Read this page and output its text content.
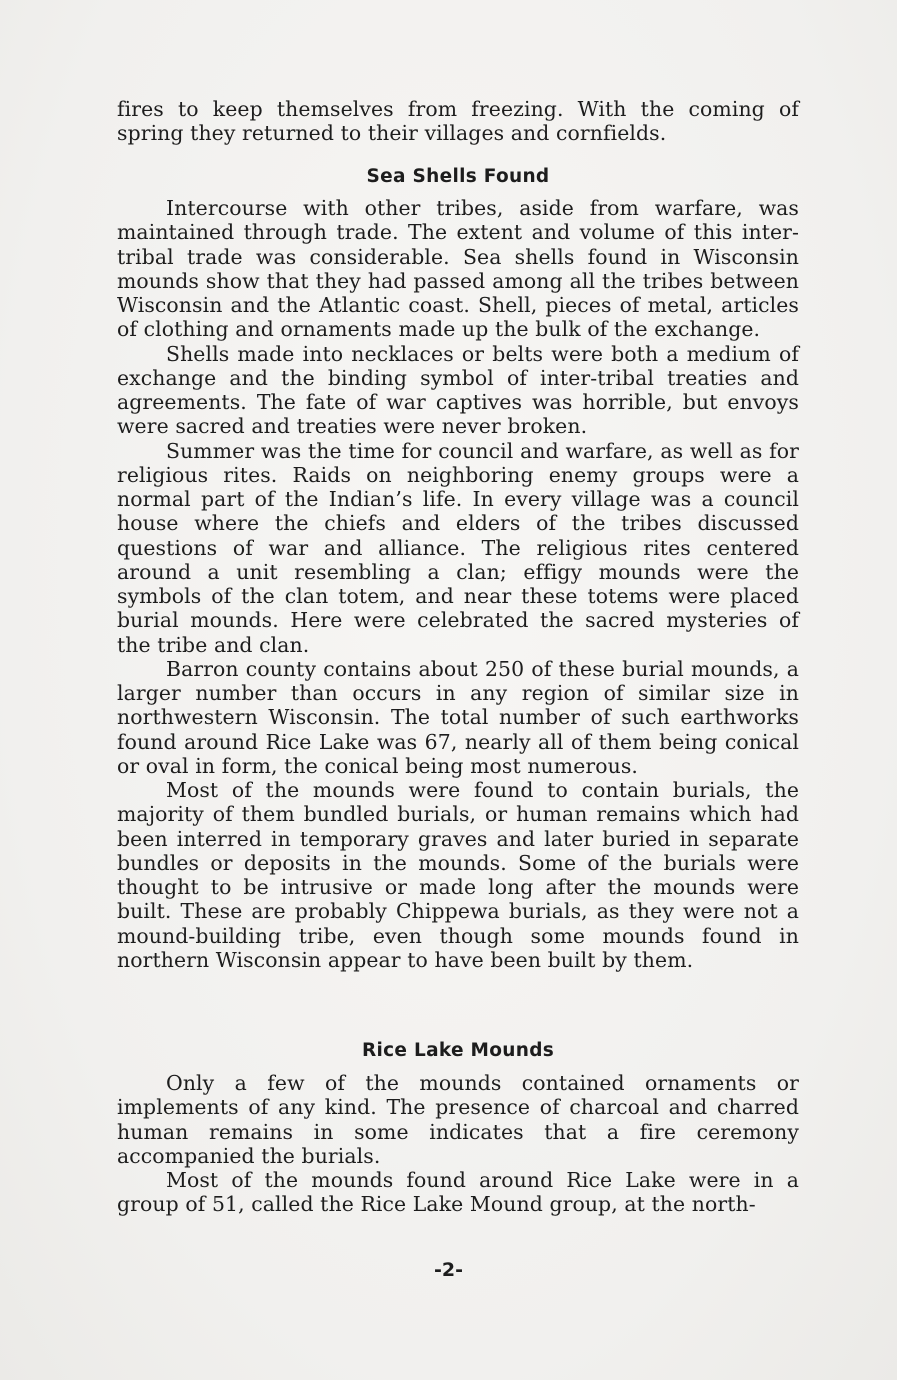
fires to keep themselves from freezing. With the coming of spring they returned to their villages and cornfields.

Sea Shells Found

Intercourse with other tribes, aside from warfare, was maintained through trade. The extent and volume of this inter-tribal trade was considerable. Sea shells found in Wisconsin mounds show that they had passed among all the tribes between Wisconsin and the Atlantic coast. Shell, pieces of metal, articles of clothing and ornaments made up the bulk of the exchange.

Shells made into necklaces or belts were both a medium of exchange and the binding symbol of inter-tribal treaties and agreements. The fate of war captives was horrible, but envoys were sacred and treaties were never broken.

Summer was the time for council and warfare, as well as for religious rites. Raids on neighboring enemy groups were a normal part of the Indian’s life. In every village was a council house where the chiefs and elders of the tribes discussed questions of war and alliance. The religious rites centered around a unit resembling a clan; effigy mounds were the symbols of the clan totem, and near these totems were placed burial mounds. Here were celebrated the sacred mysteries of the tribe and clan.

Barron county contains about 250 of these burial mounds, a larger number than occurs in any region of similar size in northwestern Wisconsin. The total number of such earthworks found around Rice Lake was 67, nearly all of them being conical or oval in form, the conical being most numerous.

Most of the mounds were found to contain burials, the majority of them bundled burials, or human remains which had been interred in temporary graves and later buried in separate bundles or deposits in the mounds. Some of the burials were thought to be intrusive or made long after the mounds were built. These are probably Chippewa burials, as they were not a mound-building tribe, even though some mounds found in northern Wisconsin appear to have been built by them.

Rice Lake Mounds

Only a few of the mounds contained ornaments or implements of any kind. The presence of charcoal and charred human remains in some indicates that a fire ceremony accompanied the burials.

Most of the mounds found around Rice Lake were in a group of 51, called the Rice Lake Mound group, at the north-

-2-
